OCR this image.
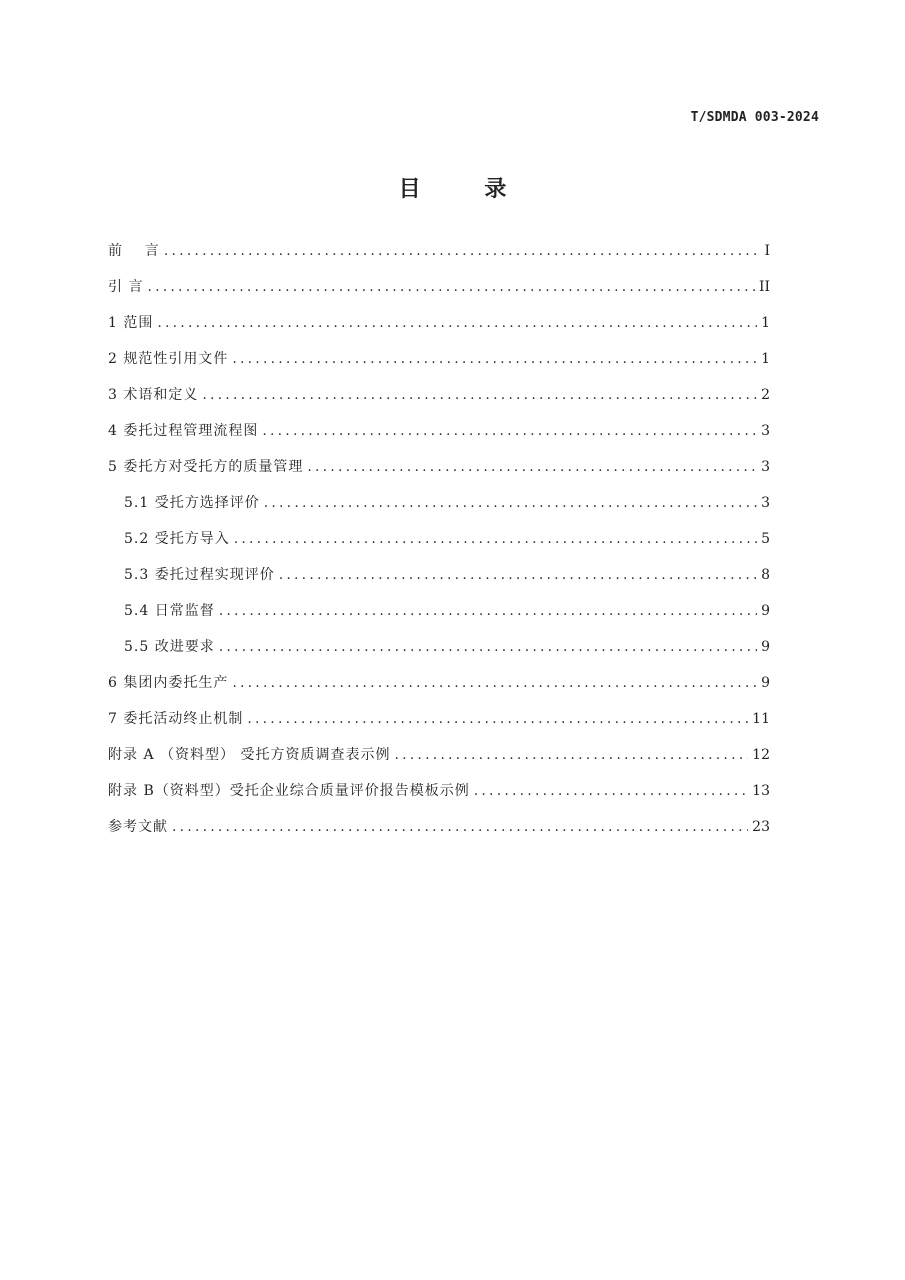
T/SDMDA 003-2024
目 录
前    言 .....	I
引 言 .....	II
1 范围 .....	1
2 规范性引用文件 .....	1
3 术语和定义 .....	2
4 委托过程管理流程图 .....	3
5 委托方对受托方的质量管理 .....	3
5.1 受托方选择评价 .....	3
5.2 受托方导入 .....	5
5.3 委托过程实现评价 .....	8
5.4 日常监督 .....	9
5.5 改进要求 .....	9
6 集团内委托生产 .....	9
7 委托活动终止机制 .....	11
附录 A （资料型） 受托方资质调查表示例 .....	12
附录 B（资料型）受托企业综合质量评价报告模板示例 .....	13
参考文献 .....	23
